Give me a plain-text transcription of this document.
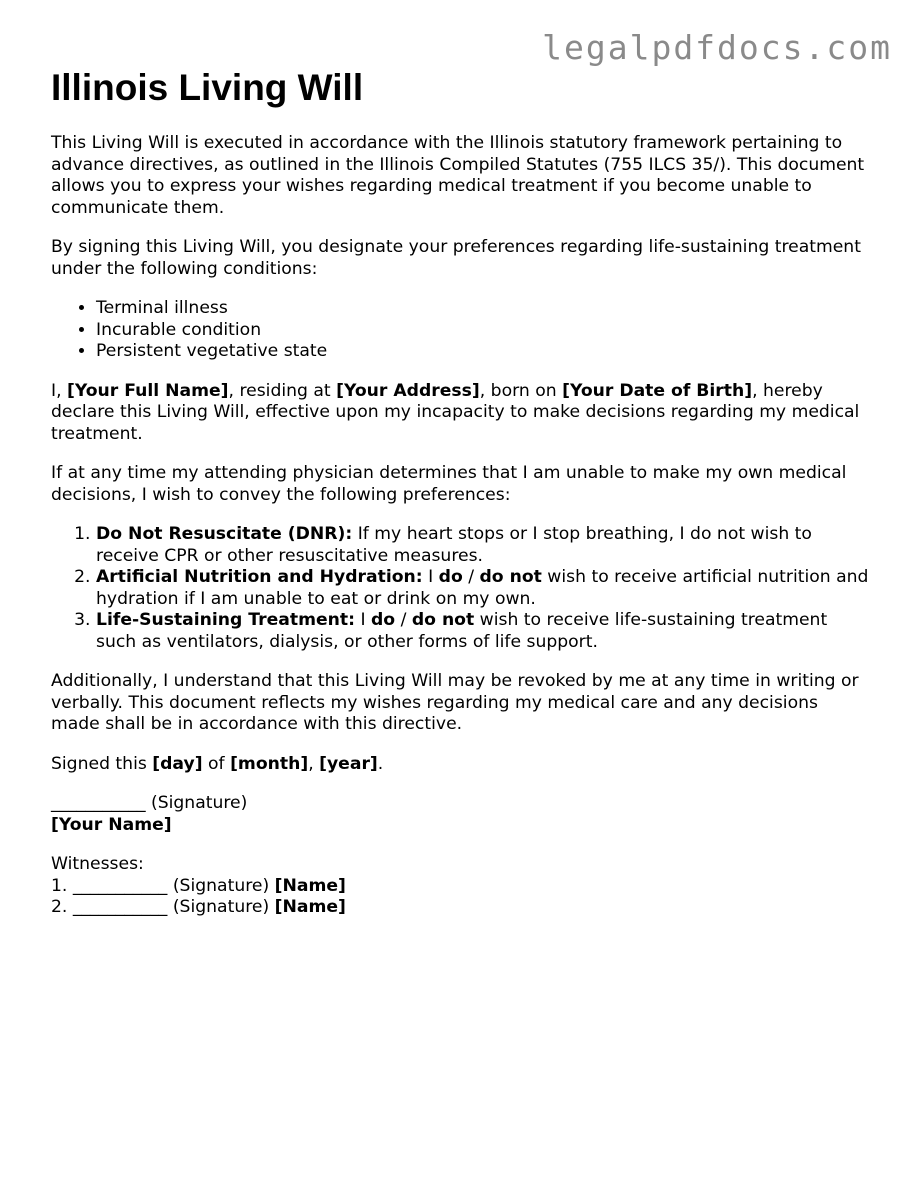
legalpdfdocs.com
Illinois Living Will

This Living Will is executed in accordance with the Illinois statutory framework pertaining to advance directives, as outlined in the Illinois Compiled Statutes (755 ILCS 35/). This document allows you to express your wishes regarding medical treatment if you become unable to communicate them.

By signing this Living Will, you designate your preferences regarding life-sustaining treatment under the following conditions:

• Terminal illness
• Incurable condition
• Persistent vegetative state

I, [Your Full Name], residing at [Your Address], born on [Your Date of Birth], hereby declare this Living Will, effective upon my incapacity to make decisions regarding my medical treatment.

If at any time my attending physician determines that I am unable to make my own medical decisions, I wish to convey the following preferences:

1. Do Not Resuscitate (DNR): If my heart stops or I stop breathing, I do not wish to receive CPR or other resuscitative measures.
2. Artificial Nutrition and Hydration: I do / do not wish to receive artificial nutrition and hydration if I am unable to eat or drink on my own.
3. Life-Sustaining Treatment: I do / do not wish to receive life-sustaining treatment such as ventilators, dialysis, or other forms of life support.

Additionally, I understand that this Living Will may be revoked by me at any time in writing or verbally. This document reflects my wishes regarding my medical care and any decisions made shall be in accordance with this directive.

Signed this [day] of [month], [year].

___________ (Signature)

[Your Name]

Witnesses:

1. ___________ (Signature) [Name]

2. ___________ (Signature) [Name]
